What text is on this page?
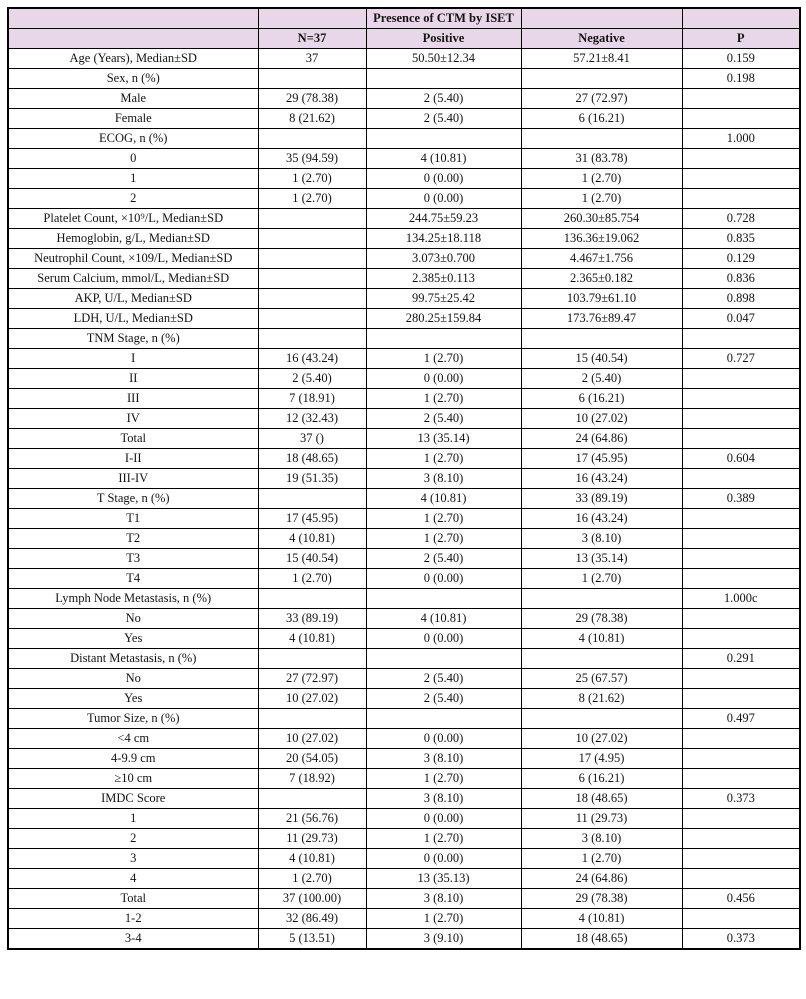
		Presence of CTM by ISET		
	N=37	Positive	Negative	P
Age (Years), Median±SD	37	50.50±12.34	57.21±8.41	0.159
Sex, n (%)				0.198
Male	29 (78.38)	2 (5.40)	27 (72.97)	
Female	8 (21.62)	2 (5.40)	6 (16.21)	
ECOG, n (%)				1.000
0	35 (94.59)	4 (10.81)	31 (83.78)	
1	1 (2.70)	0 (0.00)	1 (2.70)	
2	1 (2.70)	0 (0.00)	1 (2.70)	
Platelet Count, ×10⁹/L, Median±SD		244.75±59.23	260.30±85.754	0.728
Hemoglobin, g/L, Median±SD		134.25±18.118	136.36±19.062	0.835
Neutrophil Count, ×109/L, Median±SD		3.073±0.700	4.467±1.756	0.129
Serum Calcium, mmol/L, Median±SD		2.385±0.113	2.365±0.182	0.836
AKP, U/L, Median±SD		99.75±25.42	103.79±61.10	0.898
LDH, U/L, Median±SD		280.25±159.84	173.76±89.47	0.047
TNM Stage, n (%)				
I	16 (43.24)	1 (2.70)	15 (40.54)	0.727
II	2 (5.40)	0 (0.00)	2 (5.40)	
III	7 (18.91)	1 (2.70)	6 (16.21)	
IV	12 (32.43)	2 (5.40)	10 (27.02)	
Total	37 ()	13 (35.14)	24 (64.86)	
I-II	18 (48.65)	1 (2.70)	17 (45.95)	0.604
III-IV	19 (51.35)	3 (8.10)	16 (43.24)	
T Stage, n (%)		4 (10.81)	33 (89.19)	0.389
T1	17 (45.95)	1 (2.70)	16 (43.24)	
T2	4 (10.81)	1 (2.70)	3 (8.10)	
T3	15 (40.54)	2 (5.40)	13 (35.14)	
T4	1 (2.70)	0 (0.00)	1 (2.70)	
Lymph Node Metastasis, n (%)				1.000c
No	33 (89.19)	4 (10.81)	29 (78.38)	
Yes	4 (10.81)	0 (0.00)	4 (10.81)	
Distant Metastasis, n (%)				0.291
No	27 (72.97)	2 (5.40)	25 (67.57)	
Yes	10 (27.02)	2 (5.40)	8 (21.62)	
Tumor Size, n (%)				0.497
<4 cm	10 (27.02)	0 (0.00)	10 (27.02)	
4-9.9 cm	20 (54.05)	3 (8.10)	17 (4.95)	
≥10 cm	7 (18.92)	1 (2.70)	6 (16.21)	
IMDC Score		3 (8.10)	18 (48.65)	0.373
1	21 (56.76)	0 (0.00)	11 (29.73)	
2	11 (29.73)	1 (2.70)	3 (8.10)	
3	4 (10.81)	0 (0.00)	1 (2.70)	
4	1 (2.70)	13 (35.13)	24 (64.86)	
Total	37 (100.00)	3 (8.10)	29 (78.38)	0.456
1-2	32 (86.49)	1 (2.70)	4 (10.81)	
3-4	5 (13.51)	3 (9.10)	18 (48.65)	0.373
